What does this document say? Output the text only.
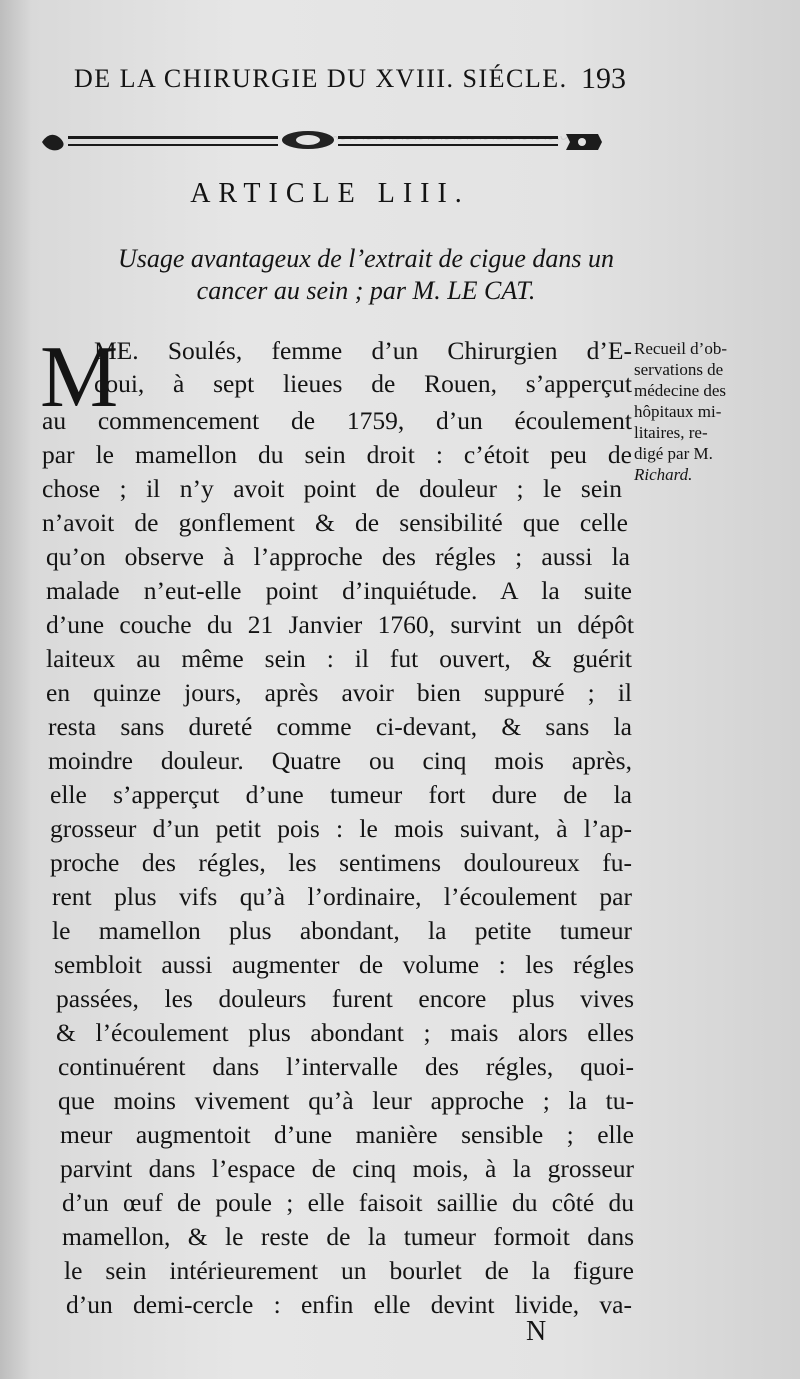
~~~~~~~~~~~~~~~~~~~~~~
DE LA CHIRURGIE DU XVIII. SIÉCLE. 193
ARTICLE LIII.
Usage avantageux de l’extrait de cigue dans un
cancer au sein ; par M. LE CAT.
M
ME. Soulés, femme d’un Chirurgien d’E-
coui, à sept lieues de Rouen, s’apperçut
au commencement de 1759, d’un écoulement
par le mamellon du sein droit : c’étoit peu de
chose ; il n’y avoit point de douleur ; le sein
n’avoit de gonflement & de sensibilité que celle
qu’on observe à l’approche des régles ; aussi la
malade n’eut-elle point d’inquiétude. A la suite
d’une couche du 21 Janvier 1760, survint un dépôt
laiteux au même sein : il fut ouvert, & guérit
en quinze jours, après avoir bien suppuré ; il
resta sans dureté comme ci-devant, & sans la
moindre douleur. Quatre ou cinq mois après,
elle s’apperçut d’une tumeur fort dure de la
grosseur d’un petit pois : le mois suivant, à l’ap-
proche des régles, les sentimens douloureux fu-
rent plus vifs qu’à l’ordinaire, l’écoulement par
le mamellon plus abondant, la petite tumeur
sembloit aussi augmenter de volume : les régles
passées, les douleurs furent encore plus vives
& l’écoulement plus abondant ; mais alors elles
continuérent dans l’intervalle des régles, quoi-
que moins vivement qu’à leur approche ; la tu-
meur augmentoit d’une manière sensible ; elle
parvint dans l’espace de cinq mois, à la grosseur
d’un œuf de poule ; elle faisoit saillie du côté du
mamellon, & le reste de la tumeur formoit dans
le sein intérieurement un bourlet de la figure
d’un demi-cercle : enfin elle devint livide, va-
Recueil d’ob-
servations de
médecine des
hôpitaux mi-
litaires, re-
digé par M.
Richard.
N
